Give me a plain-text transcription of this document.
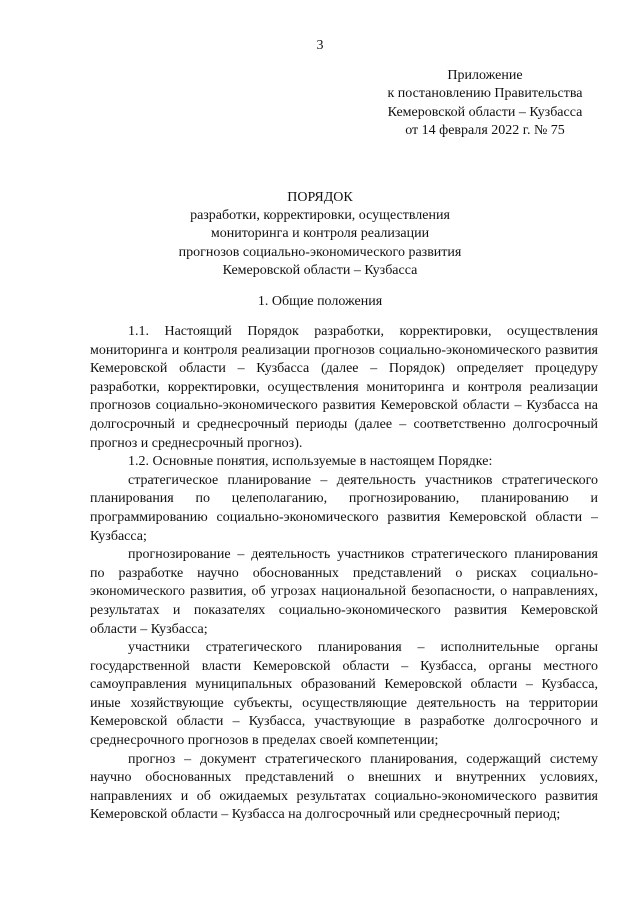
3
Приложение
к постановлению Правительства
Кемеровской области – Кузбасса
от 14 февраля 2022 г. № 75
ПОРЯДОК
разработки, корректировки, осуществления
мониторинга и контроля реализации
прогнозов социально-экономического развития
Кемеровской области – Кузбасса
1. Общие положения

1.1. Настоящий Порядок разработки, корректировки, осуществления мониторинга и контроля реализации прогнозов социально-экономического развития Кемеровской области – Кузбасса (далее – Порядок) определяет процедуру разработки, корректировки, осуществления мониторинга и контроля реализации прогнозов социально-экономического развития Кемеровской области – Кузбасса на долгосрочный и среднесрочный периоды (далее – соответственно долгосрочный прогноз и среднесрочный прогноз).

1.2. Основные понятия, используемые в настоящем Порядке:

стратегическое планирование – деятельность участников стратегического планирования по целеполаганию, прогнозированию, планированию и программированию социально-экономического развития Кемеровской области – Кузбасса;

прогнозирование – деятельность участников стратегического планирования по разработке научно обоснованных представлений о рисках социально-экономического развития, об угрозах национальной безопасности, о направлениях, результатах и показателях социально-экономического развития Кемеровской области – Кузбасса;

участники стратегического планирования – исполнительные органы государственной власти Кемеровской области – Кузбасса, органы местного самоуправления муниципальных образований Кемеровской области – Кузбасса, иные хозяйствующие субъекты, осуществляющие деятельность на территории Кемеровской области – Кузбасса, участвующие в разработке долгосрочного и среднесрочного прогнозов в пределах своей компетенции;

прогноз – документ стратегического планирования, содержащий систему научно обоснованных представлений о внешних и внутренних условиях, направлениях и об ожидаемых результатах социально-экономического развития Кемеровской области – Кузбасса на долгосрочный или среднесрочный период;
